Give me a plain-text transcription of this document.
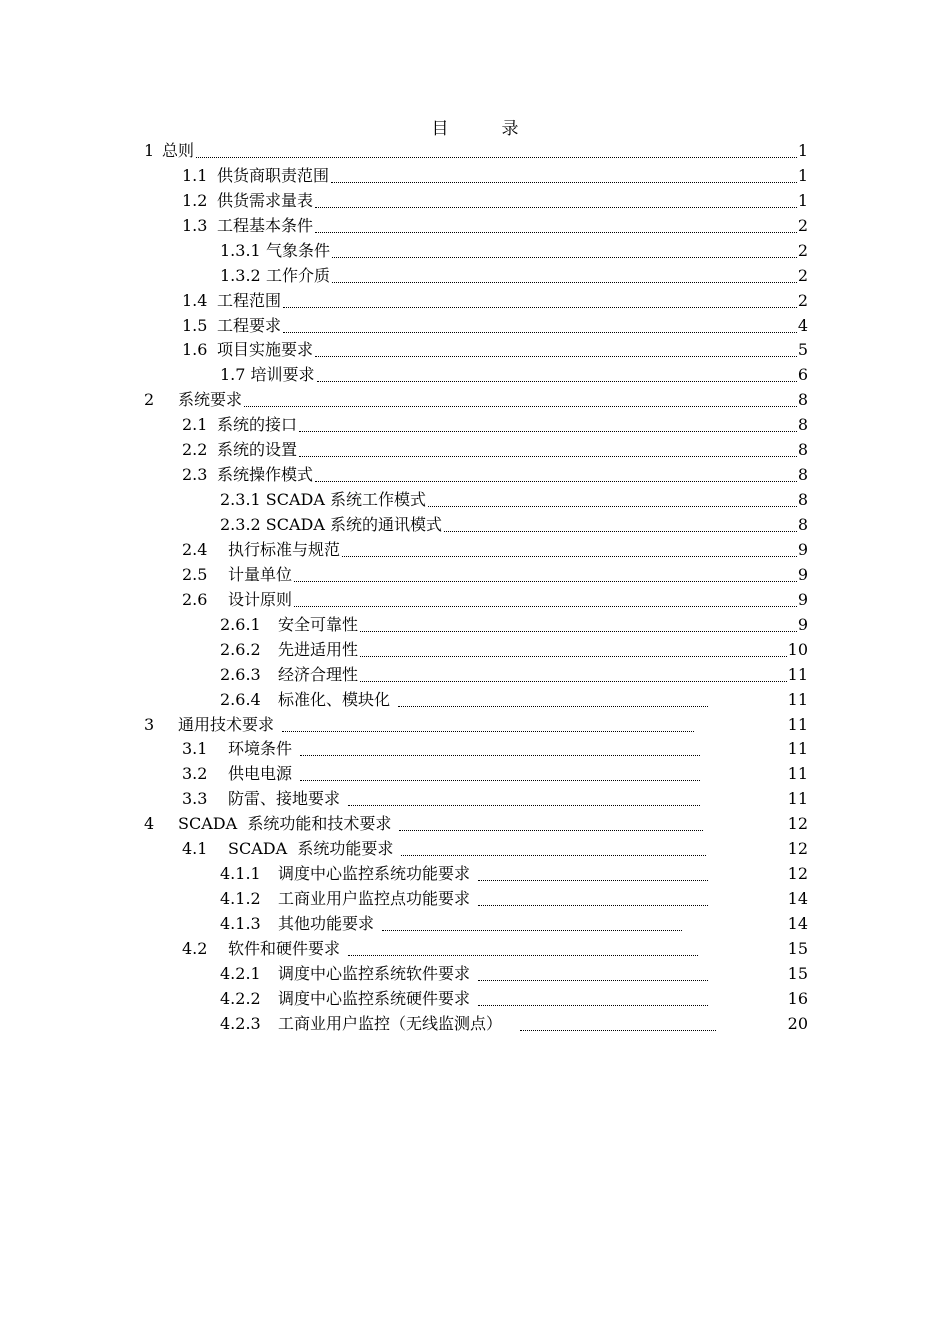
目　录
1 总则	1
1.1 供货商职责范围	1
1.2 供货需求量表	1
1.3 工程基本条件	2
1.3.1 气象条件	2
1.3.2 工作介质	2
1.4 工程范围	2
1.5 工程要求	4
1.6 项目实施要求	5
1.7 培训要求	6
2	系统要求	8
2.1 系统的接口	8
2.2 系统的设置	8
2.3 系统操作模式	8
2.3.1 SCADA 系统工作模式	8
2.3.2 SCADA 系统的通讯模式	8
2.4	执行标准与规范	9
2.5	计量单位	9
2.6	设计原则	9
2.6.1	安全可靠性	9
2.6.2	先进适用性	10
2.6.3	经济合理性	11
2.6.4	标准化、模块化	11
3	通用技术要求	11
3.1	环境条件	11
3.2	供电电源	11
3.3	防雷、接地要求	11
4	SCADA  系统功能和技术要求	12
4.1	SCADA  系统功能要求	12
4.1.1	调度中心监控系统功能要求	12
4.1.2	工商业用户监控点功能要求	14
4.1.3	其他功能要求	14
4.2	软件和硬件要求	15
4.2.1	调度中心监控系统软件要求	15
4.2.2	调度中心监控系统硬件要求	16
4.2.3	工商业用户监控（无线监测点）	20
